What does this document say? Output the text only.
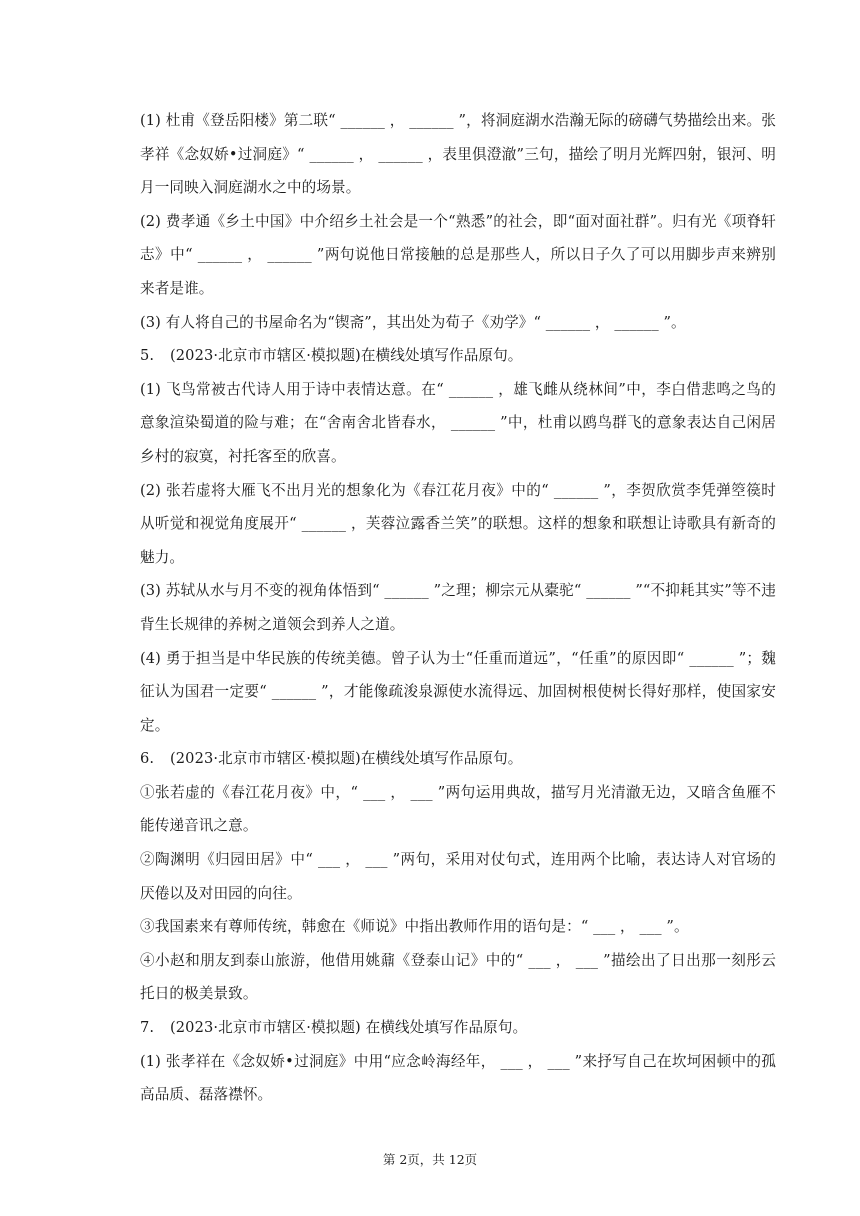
(1) 杜甫《登岳阳楼》第二联“ ______ ， ______ ”，将洞庭湖水浩瀚无际的磅礴气势描绘出来。张孝祥《念奴娇•过洞庭》“ ______ ， ______ ，表里俱澄澈”三句，描绘了明月光辉四射，银河、明月一同映入洞庭湖水之中的场景。

(2) 费孝通《乡土中国》中介绍乡土社会是一个“熟悉”的社会，即“面对面社群”。归有光《项脊轩志》中“ ______ ， ______ ”两句说他日常接触的总是那些人，所以日子久了可以用脚步声来辨别来者是谁。

(3) 有人将自己的书屋命名为“锲斋”，其出处为荀子《劝学》“ ______ ， ______ ”。

5. (2023·北京市市辖区·模拟题)在横线处填写作品原句。

(1) 飞鸟常被古代诗人用于诗中表情达意。在“ ______ ，雄飞雌从绕林间”中，李白借悲鸣之鸟的意象渲染蜀道的险与难；在“舍南舍北皆春水， ______ ”中，杜甫以鸥鸟群飞的意象表达自己闲居乡村的寂寞，衬托客至的欣喜。

(2) 张若虚将大雁飞不出月光的想象化为《春江花月夜》中的“ ______ ”，李贺欣赏李凭弹箜篌时从听觉和视觉角度展开“ ______ ，芙蓉泣露香兰笑”的联想。这样的想象和联想让诗歌具有新奇的魅力。

(3) 苏轼从水与月不变的视角体悟到“ ______ ”之理；柳宗元从橐驼“ ______ ”“不抑耗其实”等不违背生长规律的养树之道领会到养人之道。

(4) 勇于担当是中华民族的传统美德。曾子认为士“任重而道远”，“任重”的原因即“ ______ ”；魏征认为国君一定要“ ______ ”，才能像疏浚泉源使水流得远、加固树根使树长得好那样，使国家安定。

6. (2023·北京市市辖区·模拟题)在横线处填写作品原句。

①张若虚的《春江花月夜》中，“ ___ ， ___ ”两句运用典故，描写月光清澈无边，又暗含鱼雁不能传递音讯之意。

②陶渊明《归园田居》中“ ___ ， ___ ”两句，采用对仗句式，连用两个比喻，表达诗人对官场的厌倦以及对田园的向往。

③我国素来有尊师传统，韩愈在《师说》中指出教师作用的语句是：“ ___ ， ___ ”。

④小赵和朋友到泰山旅游，他借用姚鼐《登泰山记》中的“ ___ ， ___ ”描绘出了日出那一刻彤云托日的极美景致。

7. (2023·北京市市辖区·模拟题) 在横线处填写作品原句。

(1) 张孝祥在《念奴娇•过洞庭》中用“应念岭海经年， ___ ， ___ ”来抒写自己在坎坷困顿中的孤高品质、磊落襟怀。

第 2页，共 12页
